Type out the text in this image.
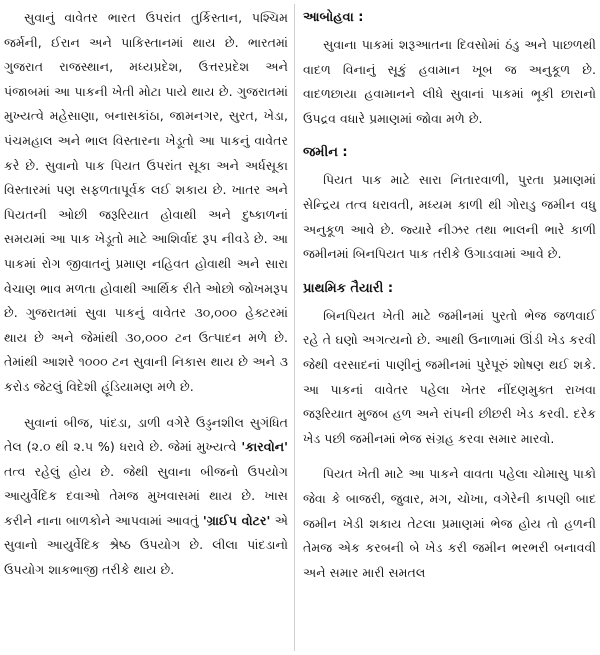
સુવાનું વાવેતર ભારત ઉપરાંત તુર્કિસ્તાન, પશ્ચિમ જર્મની, ઈરાન અને પાકિસ્તાનમાં થાય છે. ભારતમાં ગુજરાત રાજસ્થાન, મધ્યપ્રદેશ, ઉત્તરપ્રદેશ અને પંજાબમાં આ પાકની ખેતી મોટા પાયે થાય છે. ગુજરાતમાં મુખ્યત્વે મહેસાણા, બનાસકાંઠા, જામનગર, સુરત, ખેડા, પંચમહાલ અને ભાલ વિસ્તારના ખેડૂતો આ પાકનું વાવેતર કરે છે. સુવાનો પાક પિયત ઉપરાંત સૂકા અને અર્ધસૂકા વિસ્તારમાં પણ સફળતાપૂર્વક લઈ શકાય છે. ખાતર અને પિયતની ઓછી જરૂરિયાત હોવાથી અને દુષ્કાળનાં સમયમાં આ પાક ખેડૂતો માટે આશિર્વાદ રૂપ નીવડે છે. આ પાકમાં રોગ જીવાતનું પ્રમાણ નહિવત હોવાથી અને સારા વેચાણ ભાવ મળતા હોવાથી આર્થિક રીતે ઓછો જોખમરૂપ છે. ગુજરાતમાં સુવા પાકનું વાવેતર ૩૦,૦૦૦ હેક્ટરમાં થાય છે અને જેમાંથી ૩૦,૦૦૦ ટન ઉત્પાદન મળે છે. તેમાંથી આશરે ૧૦૦૦ ટન સુવાની નિકાસ થાય છે અને ૩ કરોડ જેટલું વિદેશી હૂંડિયામણ મળે છે.

સુવાનાં બીજ, પાંદડા, ડાળી વગેરે ઉડ્ડનશીલ સુગંધિત તેલ (૨.૦ થી ૨.૫ %) ધરાવે છે. જેમાં મુખ્યત્વે 'કારવોન' તત્વ રહેલું હોય છે. જેથી સુવાના બીજનો ઉપયોગ આયુર્વેદિક દવાઓ તેમજ મુખવાસમાં થાય છે. ખાસ કરીને નાના બાળકોને આપવામાં આવતું 'ગ્રાઈપ વોટર' એ સુવાનો આયુર્વેદિક શ્રેષ્ઠ ઉપયોગ છે. લીલા પાંદડાનો ઉપયોગ શાકભાજી તરીકે થાય છે.

આબોહવા :

સુવાના પાકમાં શરૂઆતના દિવસોમાં ઠંડુ અને પાછળથી વાદળ વિનાનું સૂકું હવામાન ખૂબ જ અનુકૂળ છે. વાદળછાયા હવામાનને લીધે સુવાનાં પાકમાં ભૂકી છારાનો ઉપદ્રવ વધારે પ્રમાણમાં જોવા મળે છે.

જમીન :

પિયત પાક માટે સારા નિતારવાળી, પુરતા પ્રમાણમાં સેન્દ્રિય તત્વ ધરાવતી, મધ્યમ કાળી થી ગોરાડુ જમીન વધુ અનુકૂળ આવે છે. જ્યારે નીઝર તથા ભાલની ભારે કાળી જમીનમાં બિનપિયત પાક તરીકે ઉગાડવામાં આવે છે.

પ્રાથમિક તૈયારી :

બિનપિયત ખેતી માટે જમીનમાં પુરતો ભેજ જળવાઈ રહે તે ઘણો અગત્યનો છે. આથી ઉનાળામાં ઊંડી ખેડ કરવી જેથી વરસાદનાં પાણીનું જમીનમાં પુરેપૂરું શોષણ થઈ શકે. આ પાકનાં વાવેતર પહેલા ખેતર નીંદણમુક્ત રાખવા જરૂરિયાત મુજબ હળ અને રાંપની છીછરી ખેડ કરવી. દરેક ખેડ પછી જમીનમાં ભેજ સંગ્રહ કરવા સમાર મારવો.

પિયત ખેતી માટે આ પાકને વાવતા પહેલા ચોમાસુ પાકો જેવા કે બાજરી, જુવાર, મગ, ચોખા, વગેરેની કાપણી બાદ જમીન ખેડી શકાય તેટલા પ્રમાણમાં ભેજ હોય તો હળની તેમજ એક કરબની બે ખેડ કરી જમીન ભરભરી બનાવવી અને સમાર મારી સમતલ
